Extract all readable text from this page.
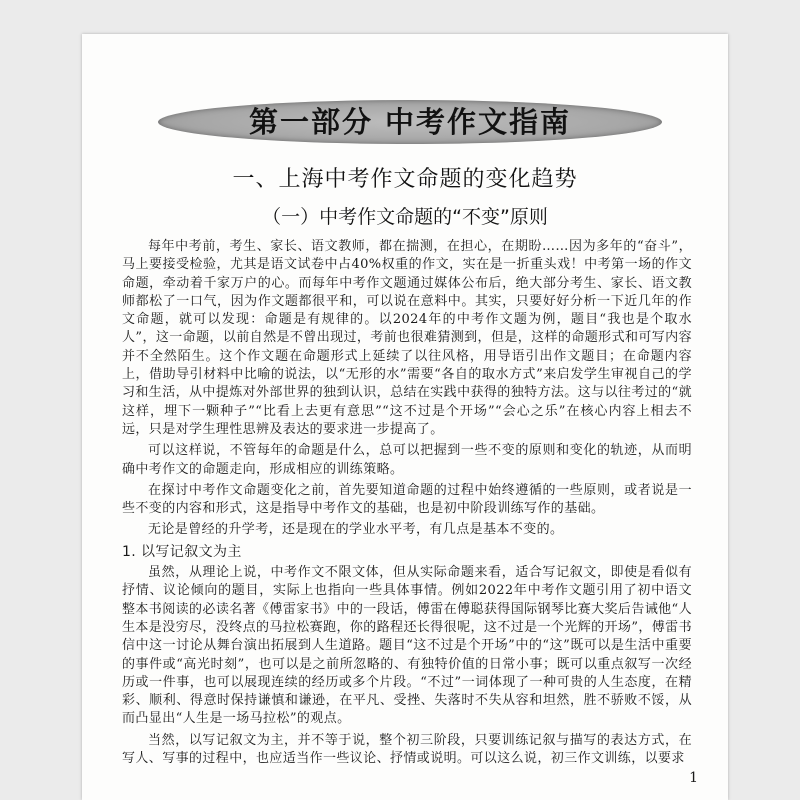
第一部分 中考作文指南
一、上海中考作文命题的变化趋势
（一）中考作文命题的“不变”原则

每年中考前，考生、家长、语文教师，都在揣测，在担心，在期盼……因为多年的“奋斗”，马上要接受检验，尤其是语文试卷中占40%权重的作文，实在是一折重头戏！中考第一场的作文命题，牵动着千家万户的心。而每年中考作文题通过媒体公布后，绝大部分考生、家长、语文教师都松了一口气，因为作文题都很平和，可以说在意料中。其实，只要好好分析一下近几年的作文命题，就可以发现：命题是有规律的。以2024年的中考作文题为例，题目“我也是个取水人”，这一命题，以前自然是不曾出现过，考前也很难猜测到，但是，这样的命题形式和可写内容并不全然陌生。这个作文题在命题形式上延续了以往风格，用导语引出作文题目；在命题内容上，借助导引材料中比喻的说法，以“无形的水”需要“各自的取水方式”来启发学生审视自己的学习和生活，从中提炼对外部世界的独到认识，总结在实践中获得的独特方法。这与以往考过的“就这样，埋下一颗种子”“比看上去更有意思”“这不过是个开场”“会心之乐”在核心内容上相去不远，只是对学生理性思辨及表达的要求进一步提高了。

可以这样说，不管每年的命题是什么，总可以把握到一些不变的原则和变化的轨迹，从而明确中考作文的命题走向，形成相应的训练策略。

在探讨中考作文命题变化之前，首先要知道命题的过程中始终遵循的一些原则，或者说是一些不变的内容和形式，这是指导中考作文的基础，也是初中阶段训练写作的基础。

无论是曾经的升学考，还是现在的学业水平考，有几点是基本不变的。

1. 以写记叙文为主

虽然，从理论上说，中考作文不限文体，但从实际命题来看，适合写记叙文，即使是看似有抒情、议论倾向的题目，实际上也指向一些具体事情。例如2022年中考作文题引用了初中语文整本书阅读的必读名著《傅雷家书》中的一段话，傅雷在傅聪获得国际钢琴比赛大奖后告诫他“人生本是没穷尽，没终点的马拉松赛跑，你的路程还长得很呢，这不过是一个光辉的开场”，傅雷书信中这一讨论从舞台演出拓展到人生道路。题目“这不过是个开场”中的“这”既可以是生活中重要的事件或“高光时刻”，也可以是之前所忽略的、有独特价值的日常小事；既可以重点叙写一次经历或一件事，也可以展现连续的经历或多个片段。“不过”一词体现了一种可贵的人生态度，在精彩、顺利、得意时保持谦慎和谦逊，在平凡、受挫、失落时不失从容和坦然，胜不骄败不馁，从而凸显出“人生是一场马拉松”的观点。

当然，以写记叙文为主，并不等于说，整个初三阶段，只要训练记叙与描写的表达方式，在写人、写事的过程中，也应适当作一些议论、抒情或说明。可以这么说，初三作文训练，以要求

1
